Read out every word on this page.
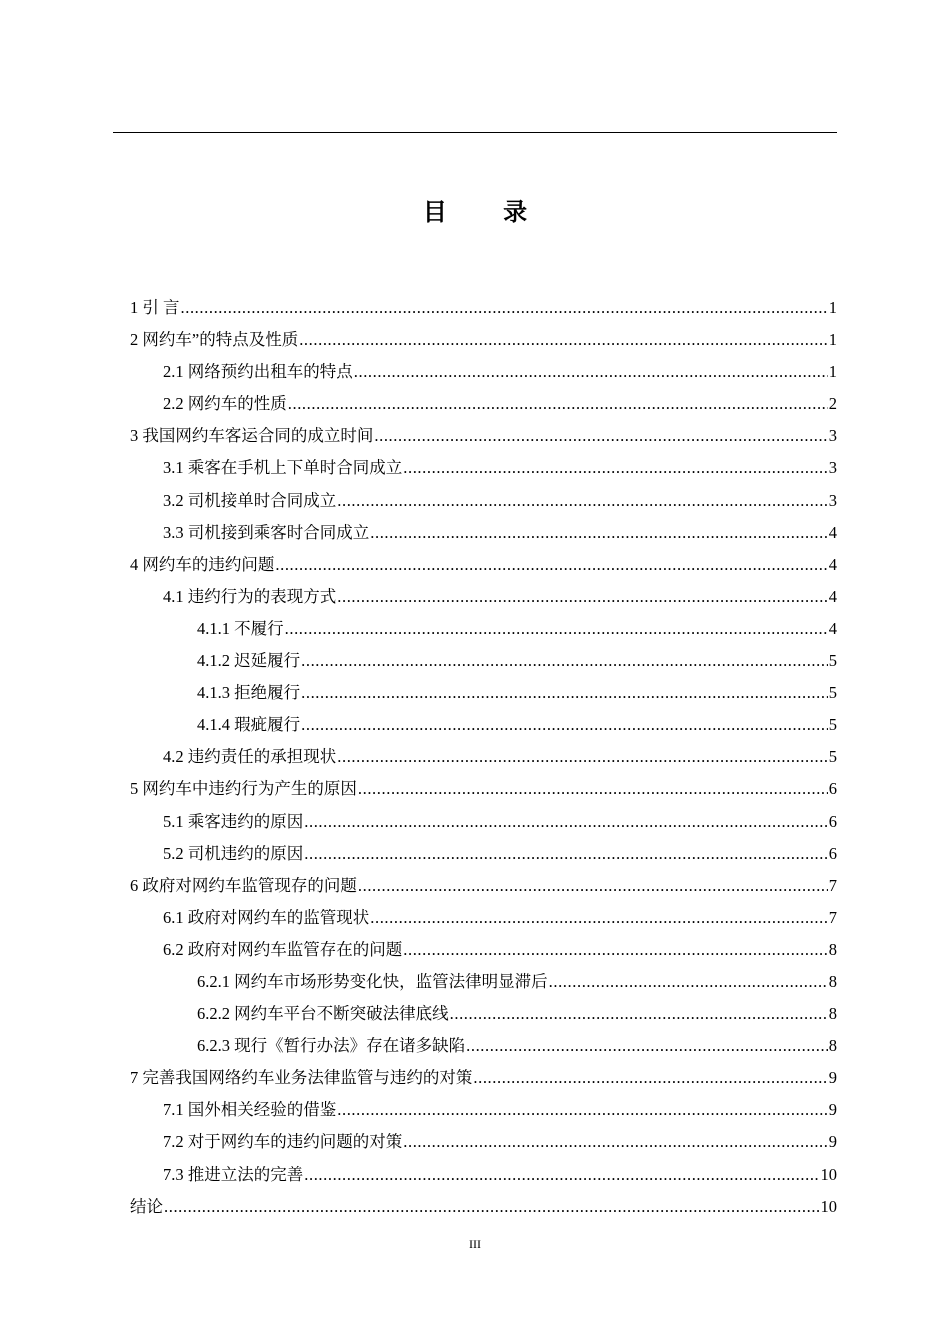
目 录
1 引 言 .....	1
2 网约车”的特点及性质 .....	1
2.1 网络预约出租车的特点 .....	1
2.2 网约车的性质 .....	2
3 我国网约车客运合同的成立时间 .....	3
3.1 乘客在手机上下单时合同成立 .....	3
3.2 司机接单时合同成立 .....	3
3.3 司机接到乘客时合同成立 .....	4
4 网约车的违约问题 .....	4
4.1 违约行为的表现方式 .....	4
4.1.1 不履行 .....	4
4.1.2 迟延履行 .....	5
4.1.3 拒绝履行 .....	5
4.1.4 瑕疵履行 .....	5
4.2 违约责任的承担现状 .....	5
5 网约车中违约行为产生的原因 .....	6
5.1 乘客违约的原因 .....	6
5.2 司机违约的原因 .....	6
6 政府对网约车监管现存的问题 .....	7
6.1 政府对网约车的监管现状 .....	7
6.2 政府对网约车监管存在的问题 .....	8
6.2.1 网约车市场形势变化快，监管法律明显滞后 .....	8
6.2.2 网约车平台不断突破法律底线 .....	8
6.2.3 现行《暂行办法》存在诸多缺陷 .....	8
7 完善我国网络约车业务法律监管与违约的对策 .....	9
7.1 国外相关经验的借鉴 .....	9
7.2 对于网约车的违约问题的对策 .....	9
7.3 推进立法的完善 .....	10
结论 .....	10
III
